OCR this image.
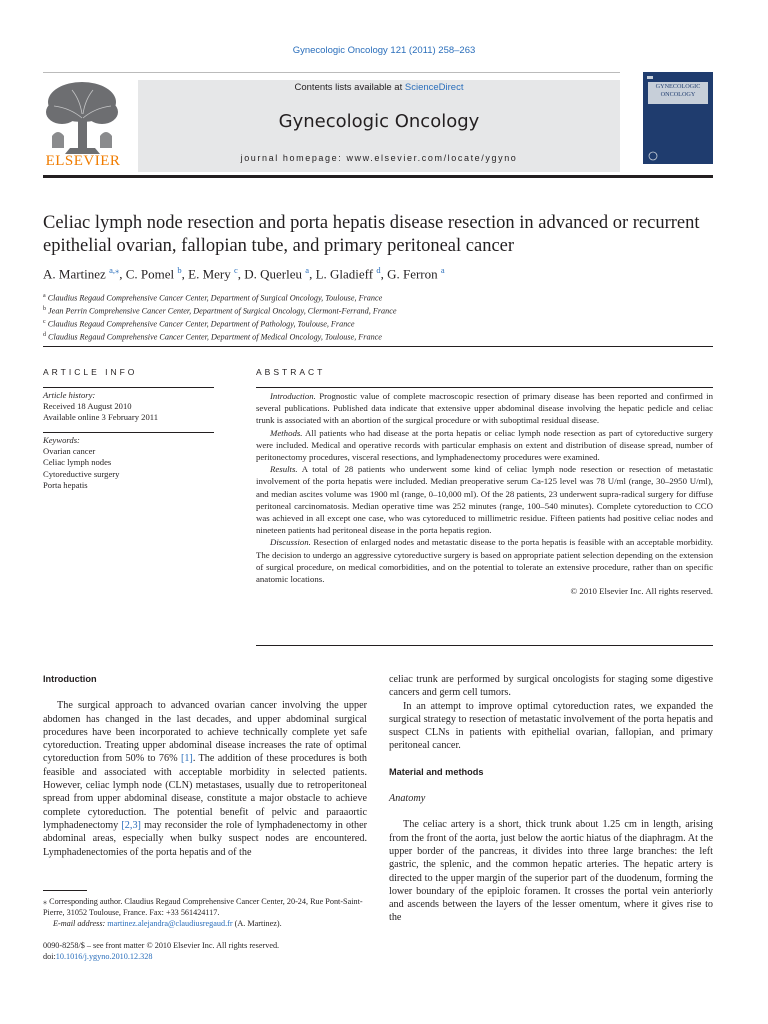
Gynecologic Oncology 121 (2011) 258–263
ELSEVIER
Contents lists available at ScienceDirect
Gynecologic Oncology
journal homepage: www.elsevier.com/locate/ygyno
GYNECOLOGIC ONCOLOGY
Celiac lymph node resection and porta hepatis disease resection in advanced or recurrent epithelial ovarian, fallopian tube, and primary peritoneal cancer
A. Martinez $^{a,⁎}$, C. Pomel $^b$, E. Mery $^c$, D. Querleu $^a$, L. Gladieff $^d$, G. Ferron $^a$
$^a$ Claudius Regaud Comprehensive Cancer Center, Department of Surgical Oncology, Toulouse, France
$^b$ Jean Perrin Comprehensive Cancer Center, Department of Surgical Oncology, Clermont-Ferrand, France
$^c$ Claudius Regaud Comprehensive Cancer Center, Department of Pathology, Toulouse, France
$^d$ Claudius Regaud Comprehensive Cancer Center, Department of Medical Oncology, Toulouse, France
ARTICLE INFO
Article history:
Received 18 August 2010
Available online 3 February 2011
Keywords:
Ovarian cancer
Celiac lymph nodes
Cytoreductive surgery
Porta hepatis
ABSTRACT

Introduction. Prognostic value of complete macroscopic resection of primary disease has been reported and confirmed in several publications. Published data indicate that extensive upper abdominal disease involving the hepatic pedicle and celiac trunk is associated with an abortion of the surgical procedure or with suboptimal residual disease.

Methods. All patients who had disease at the porta hepatis or celiac lymph node resection as part of cytoreductive surgery were included. Medical and operative records with particular emphasis on extent and distribution of disease spread, number of peritonectomy procedures, visceral resections, and lymphadenectomy procedures were examined.

Results. A total of 28 patients who underwent some kind of celiac lymph node resection or resection of metastatic involvement of the porta hepatis were included. Median preoperative serum Ca-125 level was 78 U/ml (range, 30–2950 U/ml), and median ascites volume was 1900 ml (range, 0–10,000 ml). Of the 28 patients, 23 underwent supra-radical surgery for diffuse peritoneal carcinomatosis. Median operative time was 252 minutes (range, 100–540 minutes). Complete cytoreduction to CCO was achieved in all except one case, who was cytoreduced to millimetric residue. Fifteen patients had positive celiac nodes and nineteen patients had peritoneal disease in the porta hepatis region.

Discussion. Resection of enlarged nodes and metastatic disease to the porta hepatis is feasible with an acceptable morbidity. The decision to undergo an aggressive cytoreductive surgery is based on appropriate patient selection depending on the extension of surgical procedure, on medical comorbidities, and on the potential to tolerate an extensive procedure, rather than on specific anatomic locations.

© 2010 Elsevier Inc. All rights reserved.
Introduction

The surgical approach to advanced ovarian cancer involving the upper abdomen has changed in the last decades, and upper abdominal surgical procedures have been incorporated to achieve technically complete yet safe cytoreduction. Treating upper abdominal disease increases the rate of optimal cytoreduction from 50% to 76% [1]. The addition of these procedures is both feasible and associated with acceptable morbidity in selected patients. However, celiac lymph node (CLN) metastases, usually due to retroperitoneal spread from upper abdominal disease, constitute a major obstacle to achieve complete cytoreduction. The potential benefit of pelvic and paraaortic lymphadenectomy [2,3] may reconsider the role of lymphadenectomy in other abdominal areas, especially when bulky suspect nodes are encountered. Lymphadenectomies of the porta hepatis and of the

celiac trunk are performed by surgical oncologists for staging some digestive cancers and germ cell tumors.

In an attempt to improve optimal cytoreduction rates, we expanded the surgical strategy to resection of metastatic involvement of the porta hepatis and suspect CLNs in patients with epithelial ovarian, fallopian, and primary peritoneal cancer.

Material and methods
Anatomy

The celiac artery is a short, thick trunk about 1.25 cm in length, arising from the front of the aorta, just below the aortic hiatus of the diaphragm. At the upper border of the pancreas, it divides into three large branches: the left gastric, the splenic, and the common hepatic arteries. The hepatic artery is directed to the upper margin of the superior part of the duodenum, forming the lower boundary of the epiploic foramen. It crosses the portal vein anteriorly and ascends between the layers of the lesser omentum, where it gives rise to the

⁎ Corresponding author. Claudius Regaud Comprehensive Cancer Center, 20-24, Rue Pont-Saint-Pierre, 31052 Toulouse, France. Fax: +33 561424117.
E-mail address: martinez.alejandra@claudiusregaud.fr (A. Martinez).
0090-8258/$ – see front matter © 2010 Elsevier Inc. All rights reserved.
doi:10.1016/j.ygyno.2010.12.328
